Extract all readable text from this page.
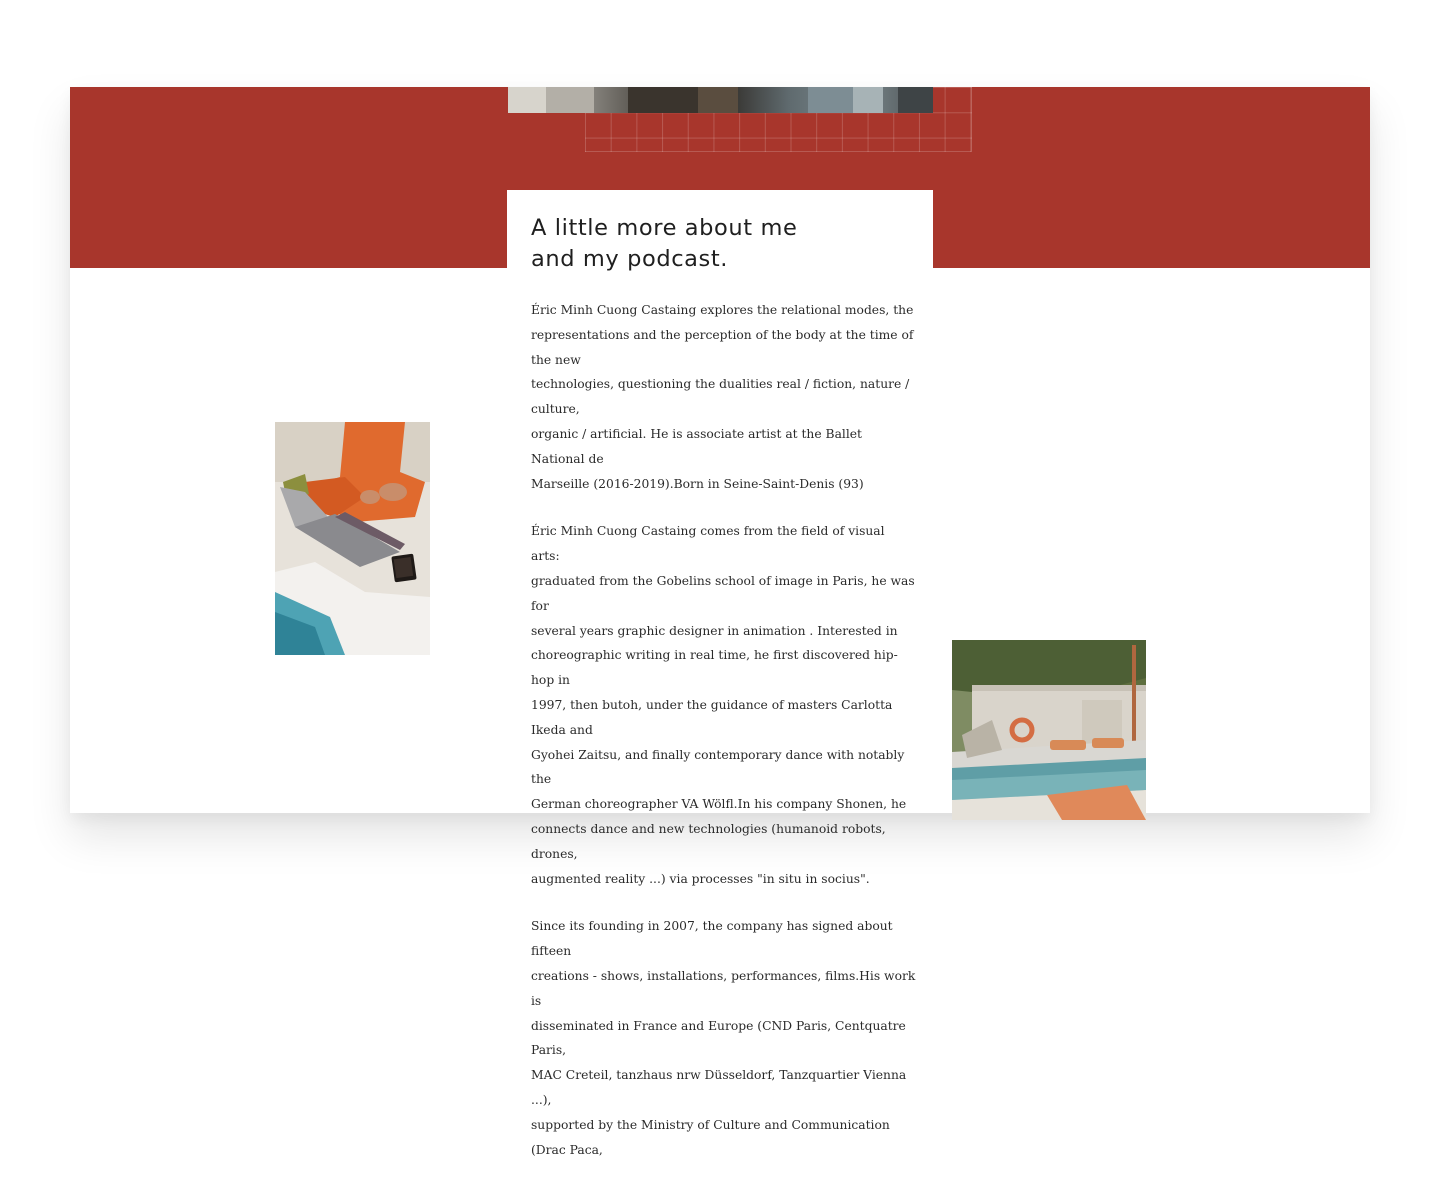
A little more about me
and my podcast.

Éric Minh Cuong Castaing explores the relational modes, the
representations and the perception of the body at the time of the new
technologies, questioning the dualities real / fiction, nature / culture,
organic / artificial. He is associate artist at the Ballet National de
Marseille (2016-2019).Born in Seine-Saint-Denis (93)

Éric Minh Cuong Castaing comes from the field of visual arts:
graduated from the Gobelins school of image in Paris, he was for
several years graphic designer in animation . Interested in
choreographic writing in real time, he first discovered hip-hop in
1997, then butoh, under the guidance of masters Carlotta Ikeda and
Gyohei Zaitsu, and finally contemporary dance with notably the
German choreographer VA Wölfl.In his company Shonen, he
connects dance and new technologies (humanoid robots, drones,
augmented reality ...) via processes "in situ in socius".

Since its founding in 2007, the company has signed about fifteen
creations - shows, installations, performances, films.His work is
disseminated in France and Europe (CND Paris, Centquatre Paris,
MAC Creteil, tanzhaus nrw Düsseldorf, Tanzquartier Vienna ...),
supported by the Ministry of Culture and Communication (Drac Paca,
